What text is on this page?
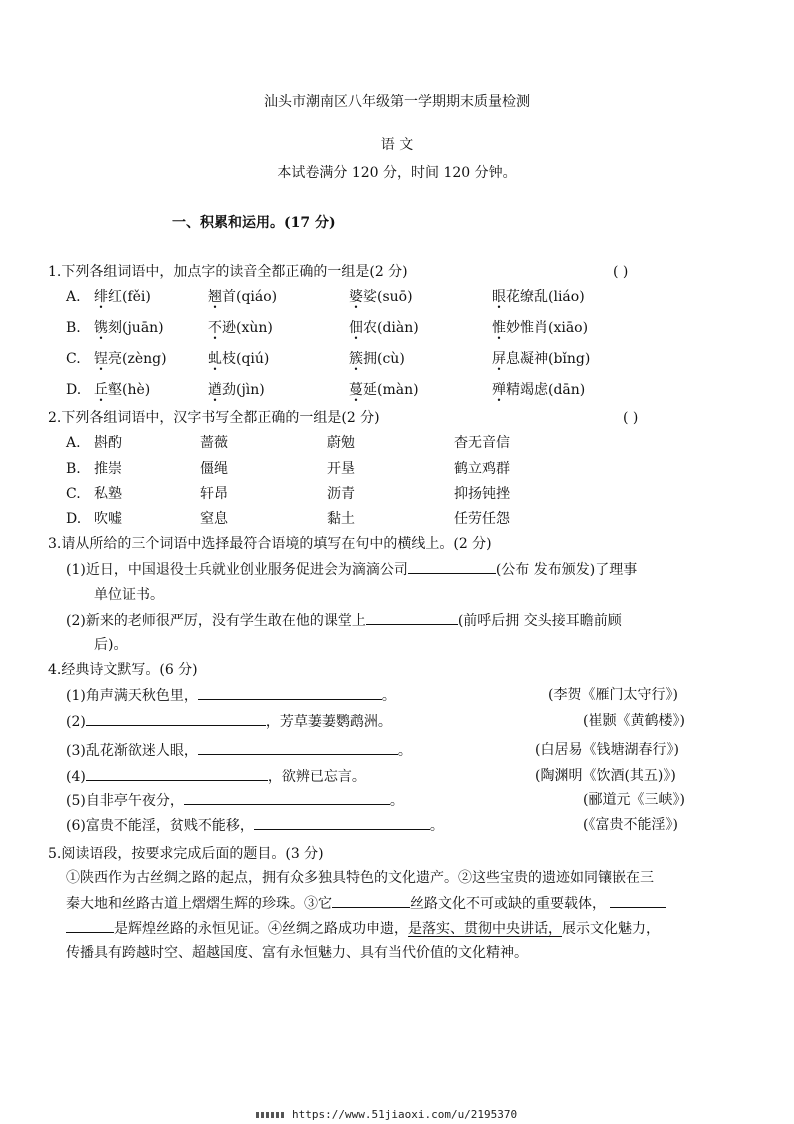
汕头市潮南区八年级第一学期期末质量检测
语 文
本试卷满分 120 分，时间 120 分钟。
一、积累和运用。(17 分)
1.下列各组词语中，加点字的读音全都正确的一组是(2 分)	( )
A. 绯红(fěi)	翘首(qiáo)	婆娑(suō)	眼花缭乱(liáo)
B. 镌刻(juān)	不逊(xùn)	佃农(diàn)	惟妙惟肖(xiāo)
C. 锃亮(zèng)	虬枝(qiú)	簇拥(cù)	屏息凝神(bǐng)
D. 丘壑(hè)	遒劲(jìn)	蔓延(màn)	殚精竭虑(dān)
2.下列各组词语中，汉字书写全都正确的一组是(2 分)	( )
A. 斟酌	蔷薇	蔚勉	杳无音信
B. 推崇	僵绳	开垦	鹤立鸡群
C. 私塾	轩昂	沥青	抑扬钝挫
D. 吹嘘	窒息	黏土	任劳任怨
3.请从所给的三个词语中选择最符合语境的填写在句中的横线上。(2 分)
(1)近日，中国退役士兵就业创业服务促进会为滴滴公司	(公布 发布颁发)了理事
单位证书。
(2)新来的老师很严厉，没有学生敢在他的课堂上	(前呼后拥 交头接耳瞻前顾
后)。
4.经典诗文默写。(6 分)
(1)角声满天秋色里，	。	(李贺《雁门太守行》)
(2)	，芳草萋萋鹦鹉洲。	(崔颢《黄鹤楼》)
(3)乱花渐欲迷人眼，	。	(白居易《钱塘湖春行》)
(4)	，欲辨已忘言。	(陶渊明《饮酒(其五)》)
(5)自非亭午夜分，	。	(郦道元《三峡》)
(6)富贵不能淫，贫贱不能移，	。	(《富贵不能淫》)
5.阅读语段，按要求完成后面的题目。(3 分)
①陕西作为古丝绸之路的起点，拥有众多独具特色的文化遗产。②这些宝贵的遗迹如同镶嵌在三
秦大地和丝路古道上熠熠生辉的珍珠。③它	丝路文化不可或缺的重要载体，
是辉煌丝路的永恒见证。④丝绸之路成功申遗，是落实、贯彻中央讲话，展示文化魅力，
传播具有跨越时空、超越国度、富有永恒魅力、具有当代价值的文化精神。
https://www.51jiaoxi.com/u/2195370
